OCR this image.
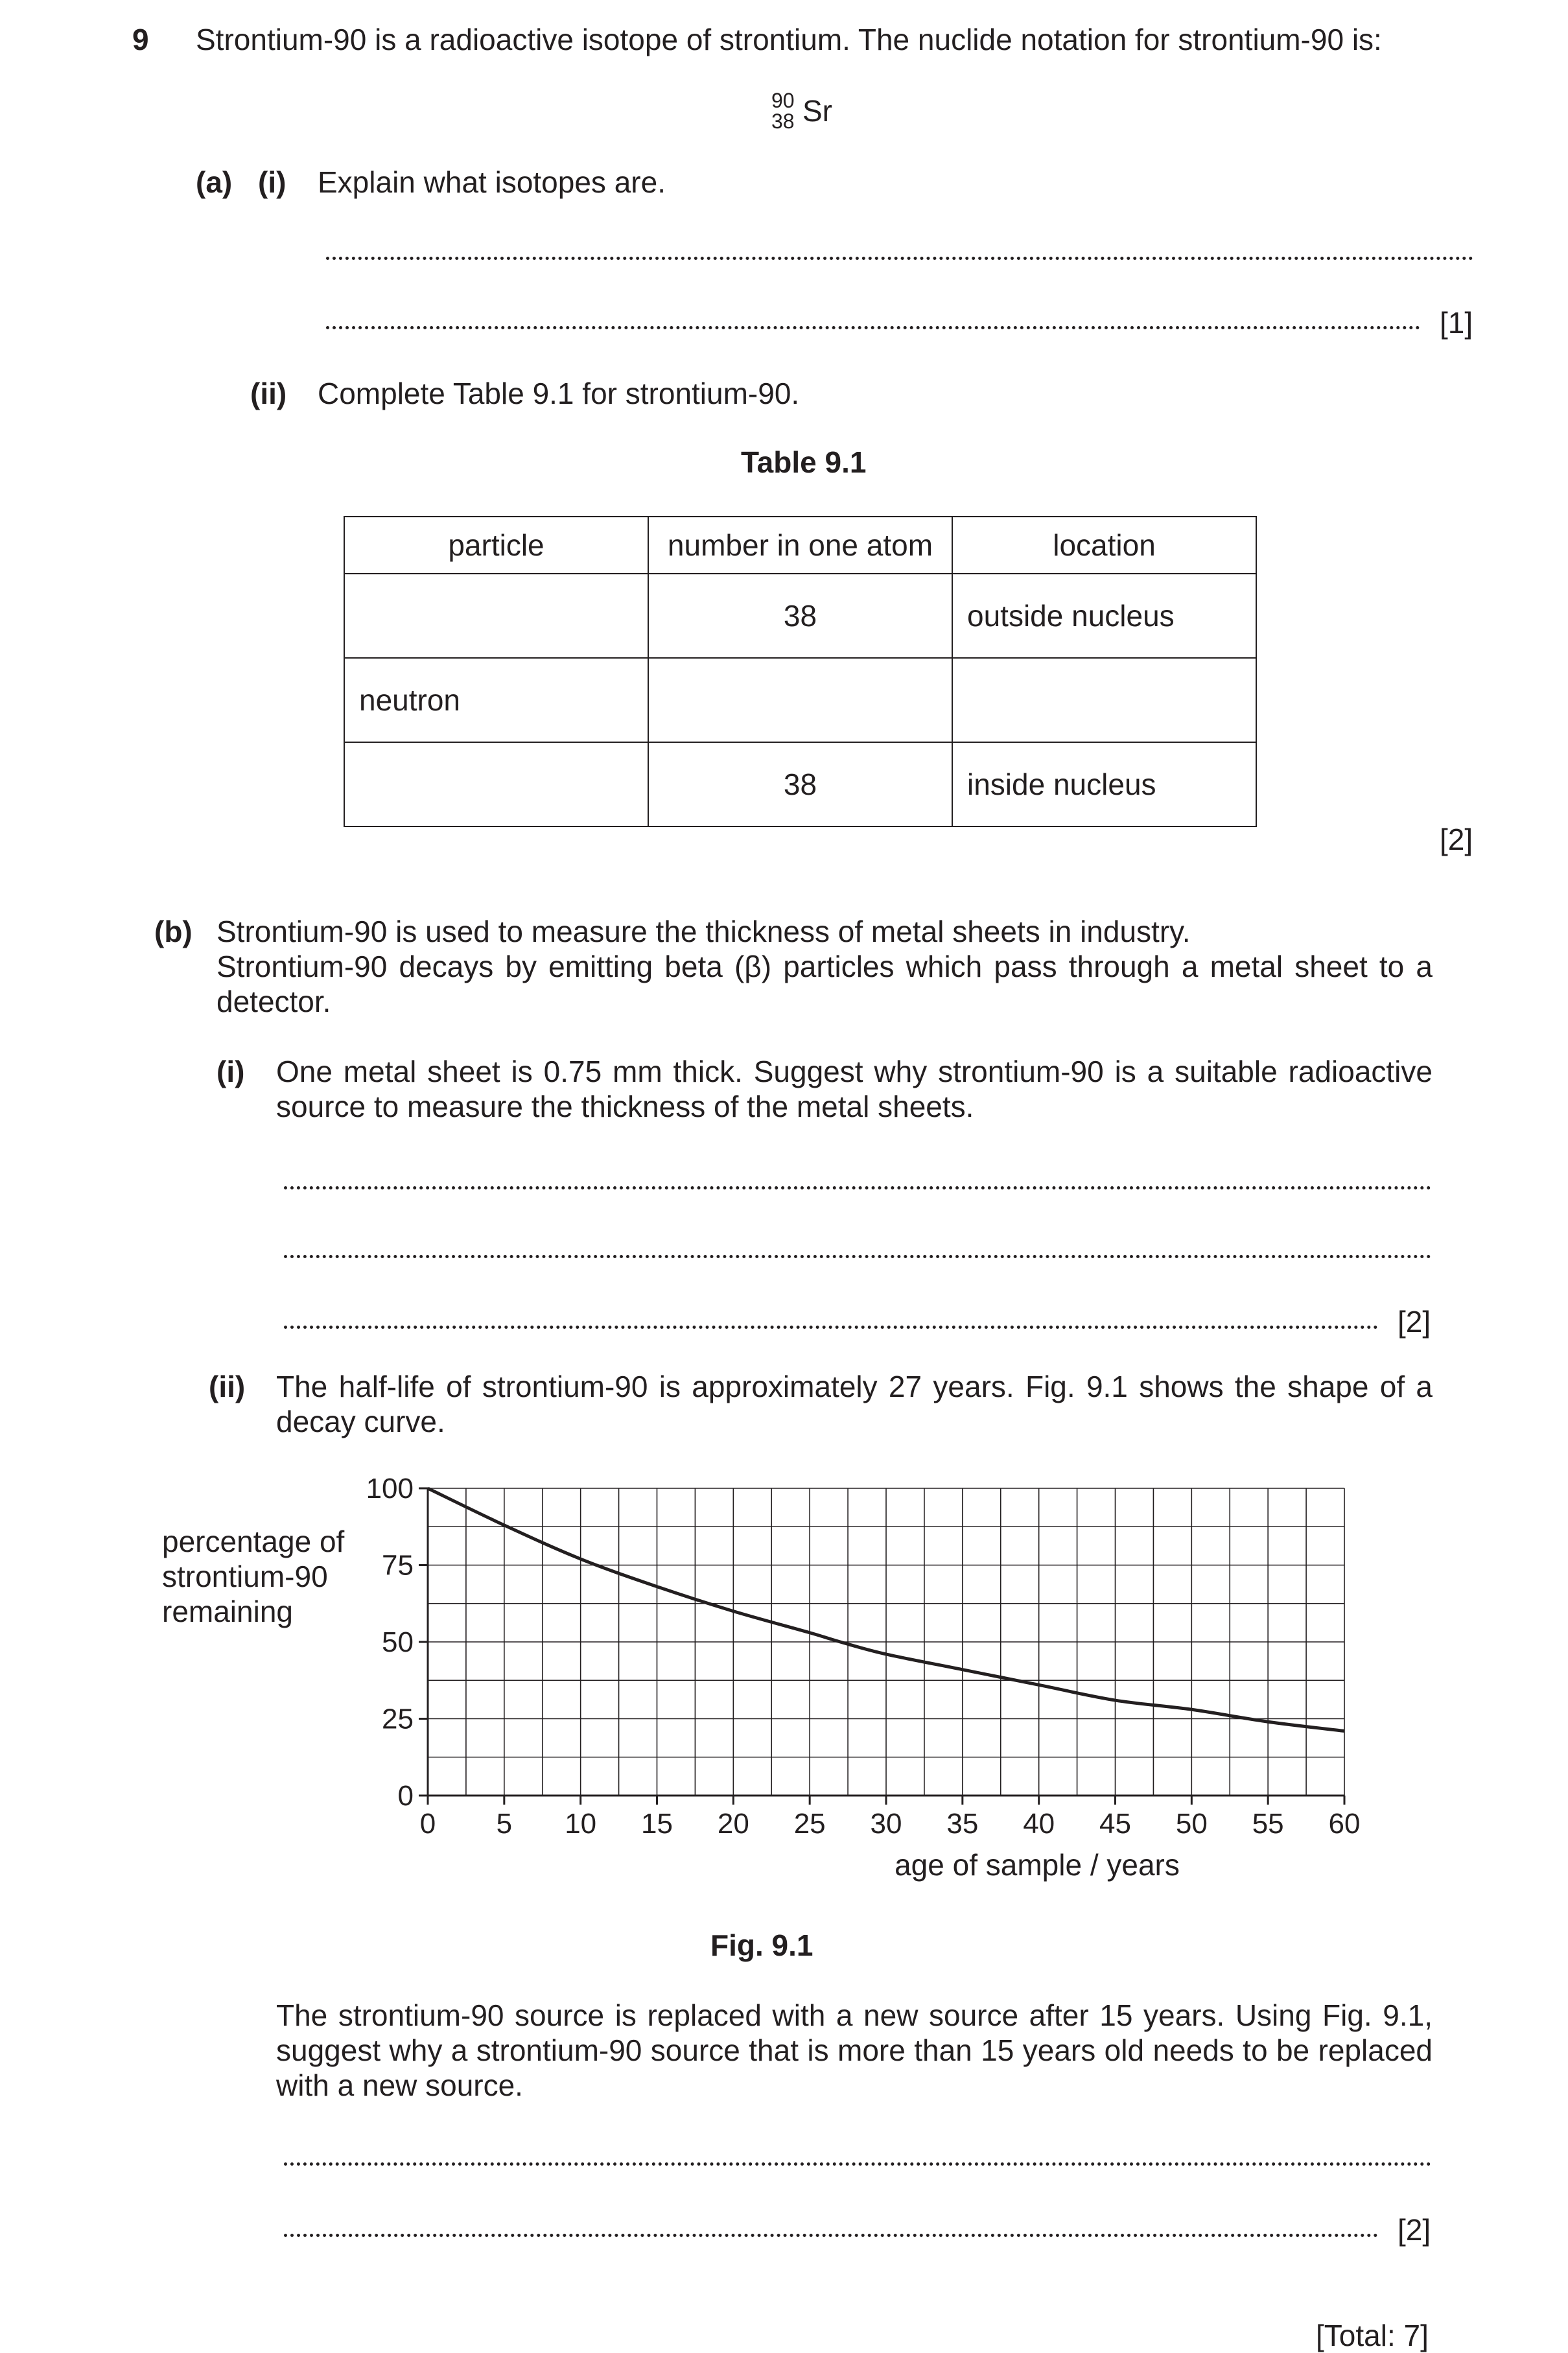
9 Strontium-90 is a radioactive isotope of strontium. The nuclide notation for strontium-90 is:
90
38 Sr
(a) (i) Explain what isotopes are.
[1]
(ii) Complete Table 9.1 for strontium-90.
Table 9.1
particle	number in one atom	location
	38	outside nucleus
neutron		
	38	inside nucleus
[2]
(b) Strontium-90 is used to measure the thickness of metal sheets in industry.
Strontium-90 decays by emitting beta (β) particles which pass through a metal sheet to a detector.
(i) One metal sheet is 0.75 mm thick. Suggest why strontium-90 is a suitable radioactive source to measure the thickness of the metal sheets.
[2]
(ii) The half-life of strontium-90 is approximately 27 years. Fig. 9.1 shows the shape of a decay curve.
0 5 10 15 20 25 30 35 40 45 50 55 60
0
25
50
75
100
percentage of
strontium-90
remaining
age of sample / years
Fig. 9.1
The strontium-90 source is replaced with a new source after 15 years. Using Fig. 9.1, suggest why a strontium-90 source that is more than 15 years old needs to be replaced with a new source.
[2]
[Total: 7]
